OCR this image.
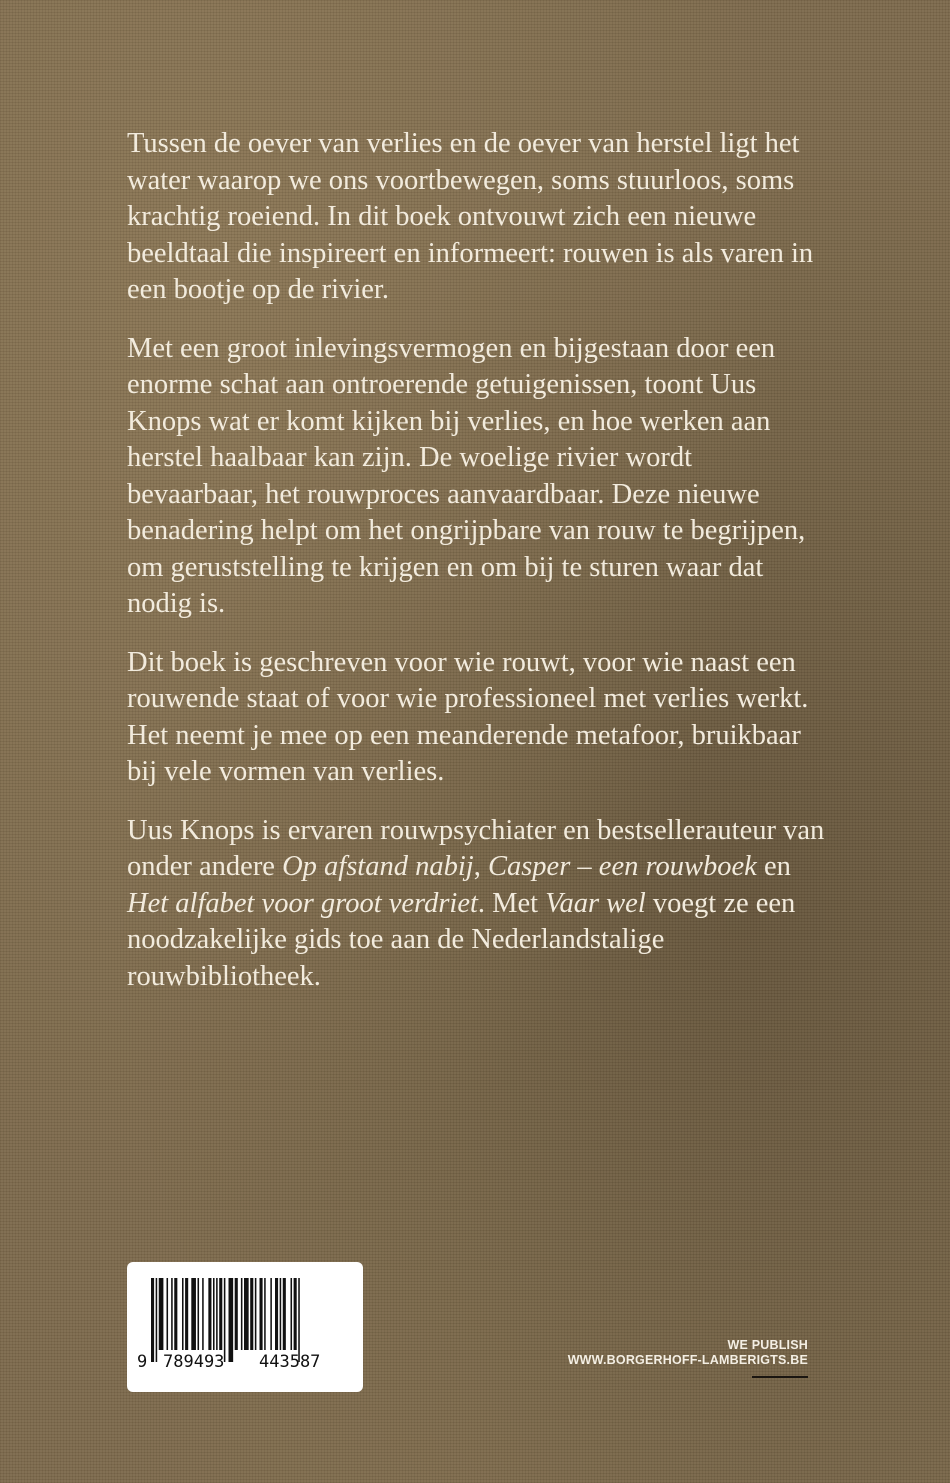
Tussen de oever van verlies en de oever van herstel ligt het water waarop we ons voortbewegen, soms stuurloos, soms krachtig roeiend. In dit boek ontvouwt zich een nieuwe beeldtaal die inspireert en informeert: rouwen is als varen in een bootje op de rivier.

Met een groot inlevingsvermogen en bijgestaan door een enorme schat aan ontroerende getuigenissen, toont Uus Knops wat er komt kijken bij verlies, en hoe werken aan herstel haalbaar kan zijn. De woelige rivier wordt bevaarbaar, het rouwproces aanvaardbaar. Deze nieuwe benadering helpt om het ongrijpbare van rouw te begrijpen, om geruststelling te krijgen en om bij te sturen waar dat nodig is.

Dit boek is geschreven voor wie rouwt, voor wie naast een rouwende staat of voor wie professioneel met verlies werkt. Het neemt je mee op een meanderende metafoor, bruikbaar bij vele vormen van verlies.

Uus Knops is ervaren rouwpsychiater en bestsellerauteur van onder andere Op afstand nabij, Casper – een rouwboek en Het alfabet voor groot verdriet. Met Vaar wel voegt ze een noodzakelijke gids toe aan de Nederlandstalige rouwbibliotheek.

9 789493 443587
WE PUBLISH
WWW.BORGERHOFF-LAMBERIGTS.BE
